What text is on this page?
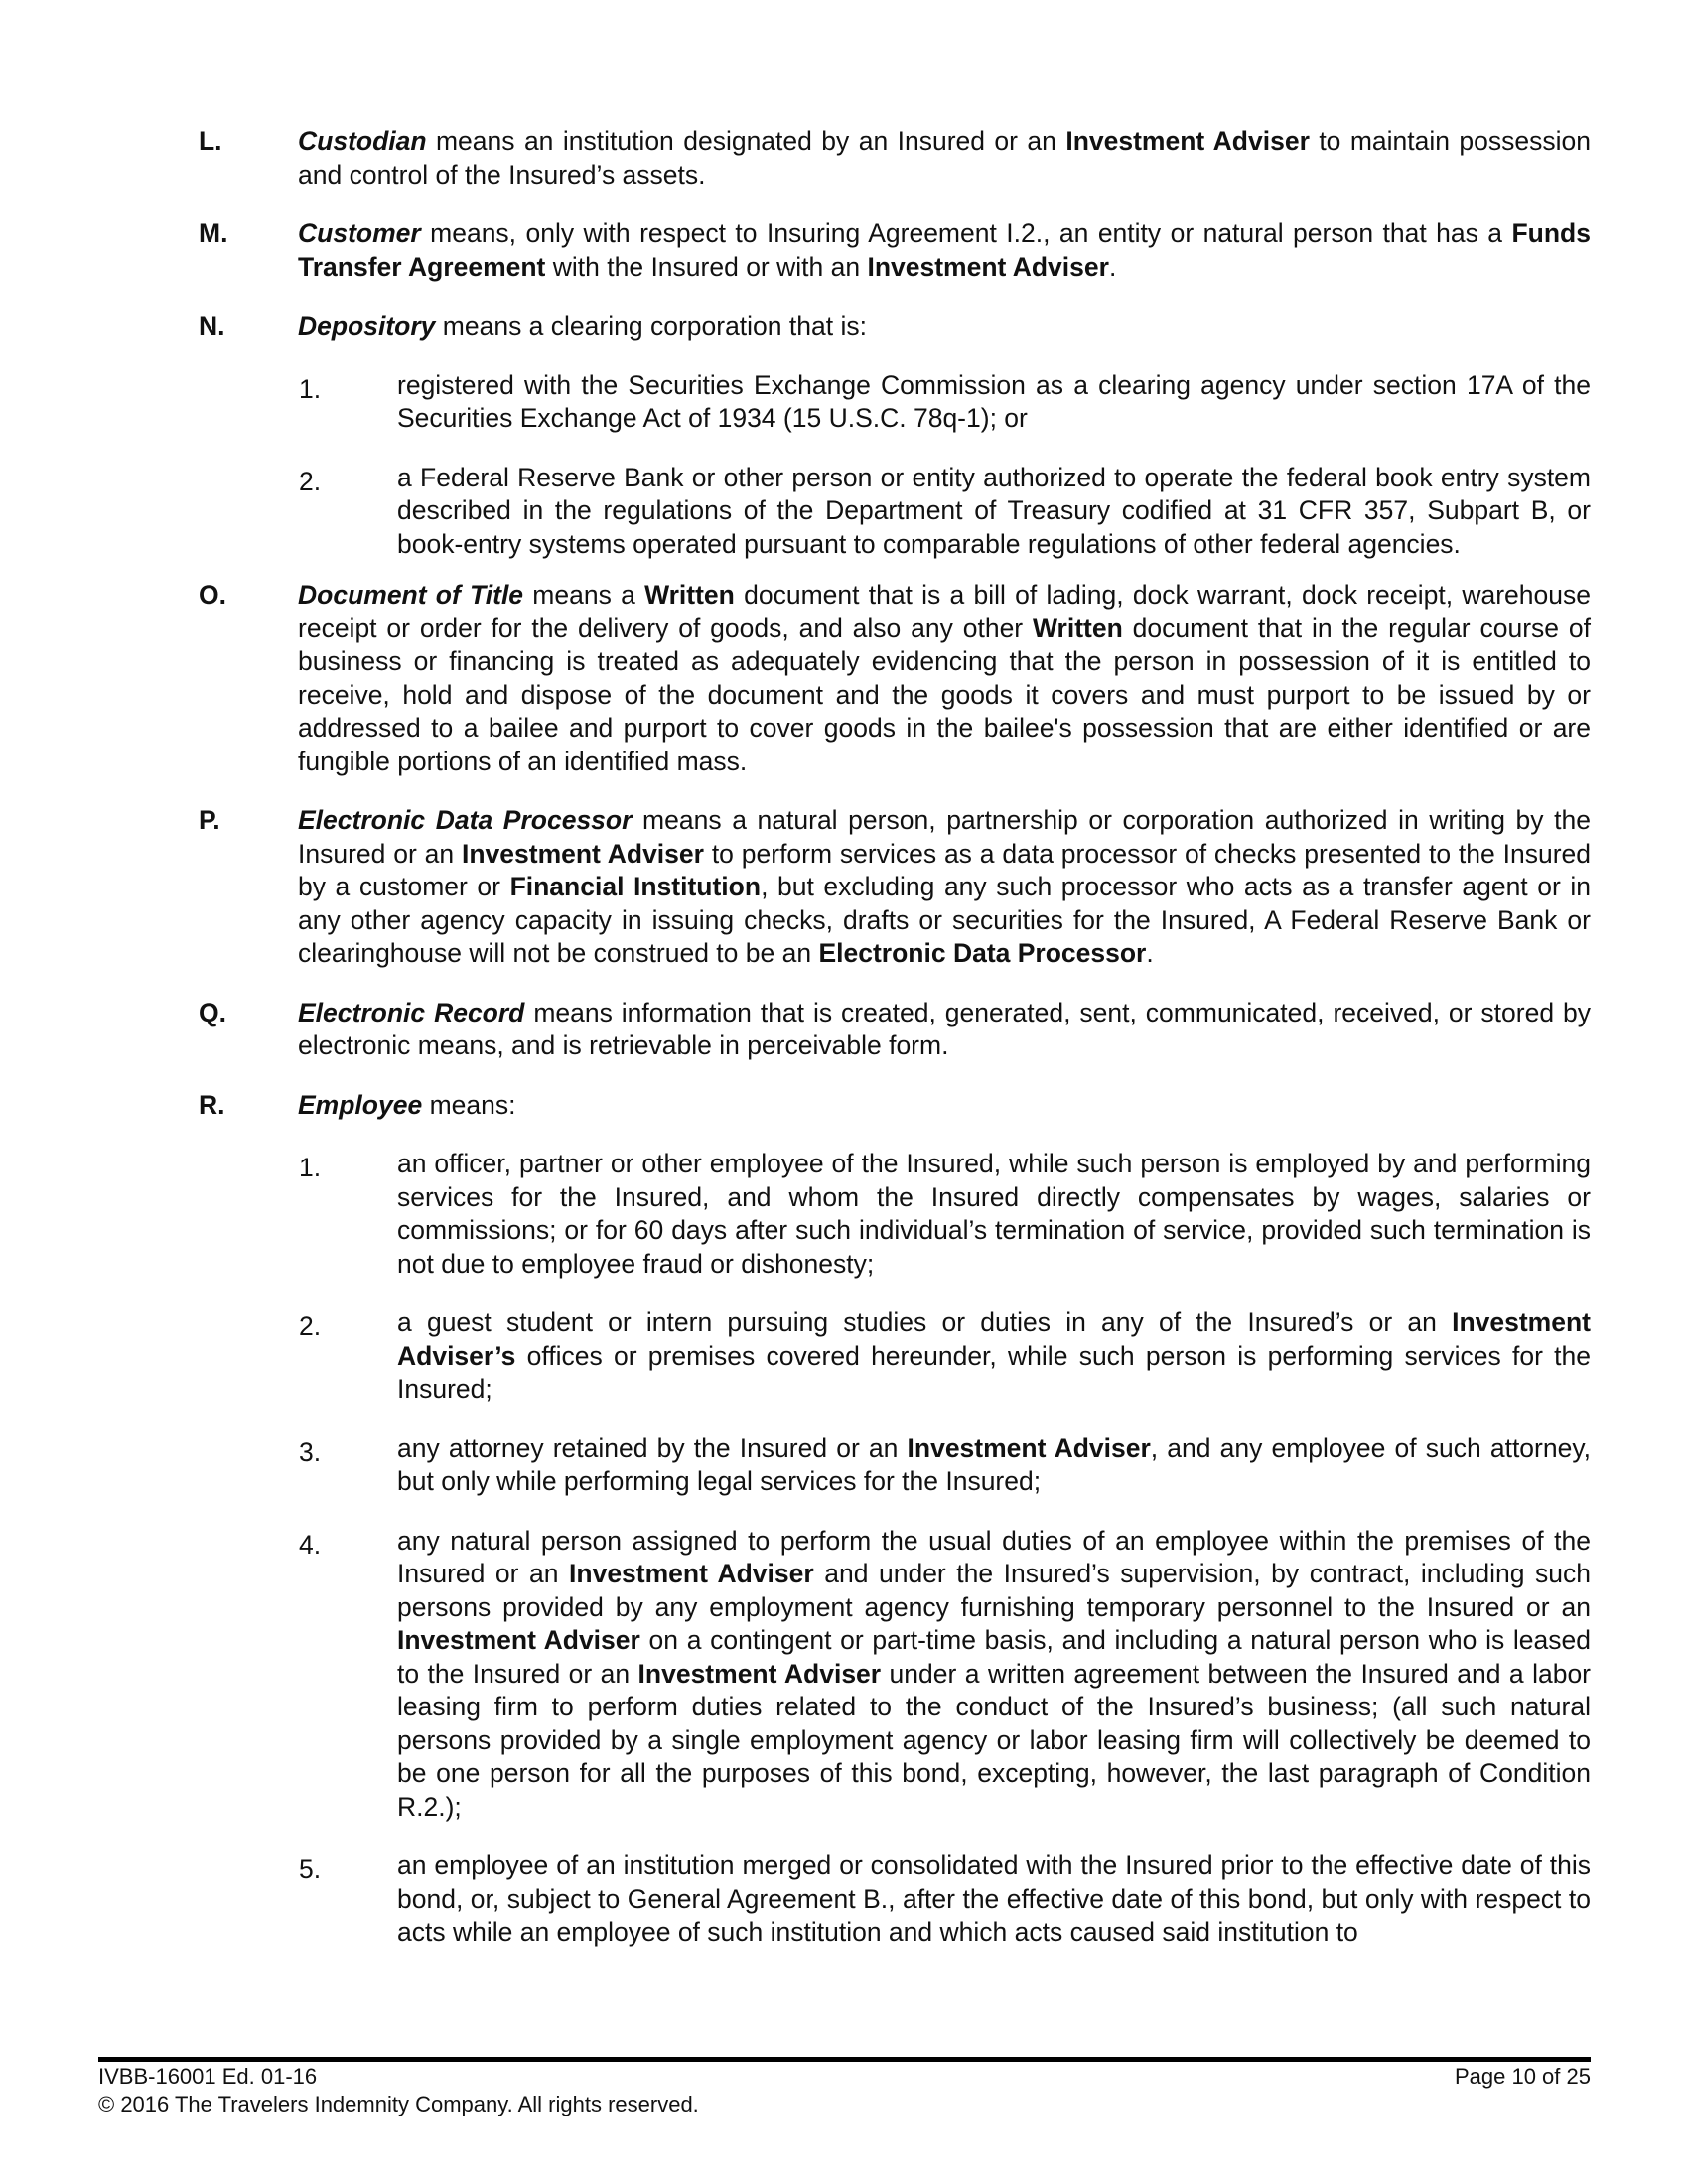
L.	Custodian means an institution designated by an Insured or an Investment Adviser to maintain possession and control of the Insured’s assets.

M.	Customer means, only with respect to Insuring Agreement I.2., an entity or natural person that has a Funds Transfer Agreement with the Insured or with an Investment Adviser.

N.	Depository means a clearing corporation that is:

1.	registered with the Securities Exchange Commission as a clearing agency under section 17A of the Securities Exchange Act of 1934 (15 U.S.C. 78q-1); or

2.	a Federal Reserve Bank or other person or entity authorized to operate the federal book entry system described in the regulations of the Department of Treasury codified at 31 CFR 357, Subpart B, or book-entry systems operated pursuant to comparable regulations of other federal agencies.

O.	Document of Title means a Written document that is a bill of lading, dock warrant, dock receipt, warehouse receipt or order for the delivery of goods, and also any other Written document that in the regular course of business or financing is treated as adequately evidencing that the person in possession of it is entitled to receive, hold and dispose of the document and the goods it covers and must purport to be issued by or addressed to a bailee and purport to cover goods in the bailee's possession that are either identified or are fungible portions of an identified mass.

P.	Electronic Data Processor means a natural person, partnership or corporation authorized in writing by the Insured or an Investment Adviser to perform services as a data processor of checks presented to the Insured by a customer or Financial Institution, but excluding any such processor who acts as a transfer agent or in any other agency capacity in issuing checks, drafts or securities for the Insured, A Federal Reserve Bank or clearinghouse will not be construed to be an Electronic Data Processor.

Q.	Electronic Record means information that is created, generated, sent, communicated, received, or stored by electronic means, and is retrievable in perceivable form.

R.	Employee means:

1.	an officer, partner or other employee of the Insured, while such person is employed by and performing services for the Insured, and whom the Insured directly compensates by wages, salaries or commissions; or for 60 days after such individual’s termination of service, provided such termination is not due to employee fraud or dishonesty;

2.	a guest student or intern pursuing studies or duties in any of the Insured’s or an Investment Adviser’s offices or premises covered hereunder, while such person is performing services for the Insured;

3.	any attorney retained by the Insured or an Investment Adviser, and any employee of such attorney, but only while performing legal services for the Insured;

4.	any natural person assigned to perform the usual duties of an employee within the premises of the Insured or an Investment Adviser and under the Insured’s supervision, by contract, including such persons provided by any employment agency furnishing temporary personnel to the Insured or an Investment Adviser on a contingent or part-time basis, and including a natural person who is leased to the Insured or an Investment Adviser under a written agreement between the Insured and a labor leasing firm to perform duties related to the conduct of the Insured’s business; (all such natural persons provided by a single employment agency or labor leasing firm will collectively be deemed to be one person for all the purposes of this bond, excepting, however, the last paragraph of Condition R.2.);

5.	an employee of an institution merged or consolidated with the Insured prior to the effective date of this bond, or, subject to General Agreement B., after the effective date of this bond, but only with respect to acts while an employee of such institution and which acts caused said institution to

IVBB-16001 Ed. 01-16	Page 10 of 25
© 2016 The Travelers Indemnity Company. All rights reserved.
